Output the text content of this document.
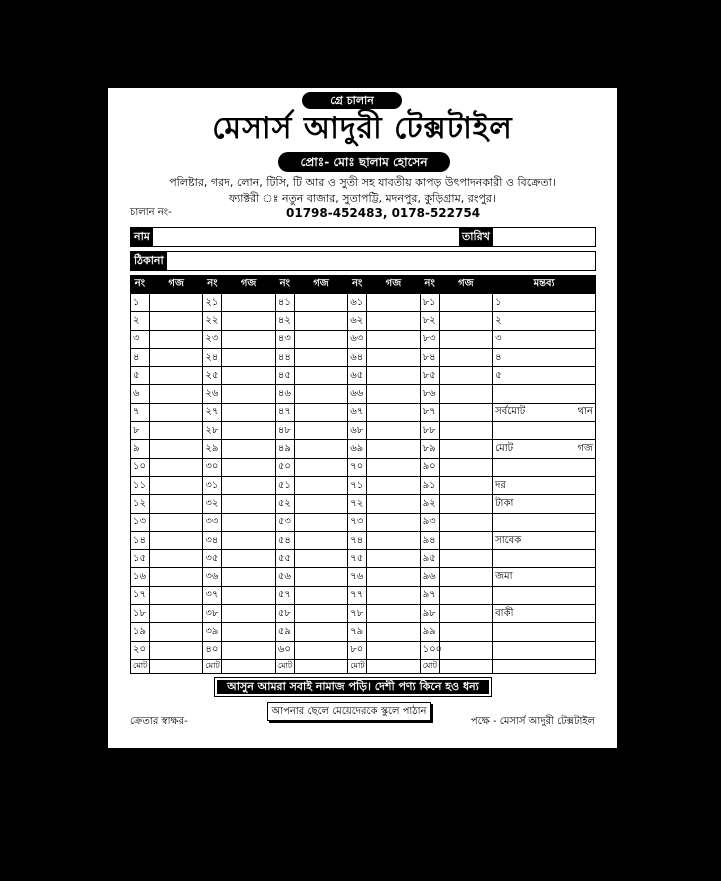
গ্রে চালান
মেসার্স আদুরী টেক্সটাইল
প্রোঃ- মোঃ ছালাম হোসেন
পলিষ্টার, গরদ, লোন, টিসি, টি আর ও সুতী সহ যাবতীয় কাপড় উৎপাদনকারী ও বিক্রেতা।
ফ্যাক্টরী ঃ নতুন বাজার, সুতাপট্টি, মদনপুর, কুড়িগ্রাম, রংপুর।
চালান নং-	01798-452483, 0178-522754
নাম	তারিখ
ঠিকানা
নং	গজ	নং	গজ	নং	গজ	নং	গজ	নং	গজ	মন্তব্য
১		২১		৪১		৬১		৮১		১

২		২২		৪২		৬২		৮২		২

৩		২৩		৪৩		৬৩		৮৩		৩

৪		২৪		৪৪		৬৪		৮৪		৪

৫		২৫		৪৫		৬৫		৮৫		৫

৬		২৬		৪৬		৬৬		৮৬		

৭		২৭		৪৭		৬৭		৮৭		সর্বমোট থান

৮		২৮		৪৮		৬৮		৮৮		

৯		২৯		৪৯		৬৯		৮৯		মোট গজ

১০		৩০		৫০		৭০		৯০		

১১		৩১		৫১		৭১		৯১		দর

১২		৩২		৫২		৭২		৯২		টাকা

১৩		৩৩		৫৩		৭৩		৯৩		

১৪		৩৪		৫৪		৭৪		৯৪		সাবেক

১৫		৩৫		৫৫		৭৫		৯৫		

১৬		৩৬		৫৬		৭৬		৯৬		জমা

১৭		৩৭		৫৭		৭৭		৯৭		

১৮		৩৮		৫৮		৭৮		৯৮		বাকী

১৯		৩৯		৫৯		৭৯		৯৯		

২০		৪০		৬০		৮০		১০০		

মোট		মোট		মোট		মোট		মোট		
আসুন আমরা সবাই নামাজ পড়ি। দেশী পণ্য কিনে হও ধন্য
আপনার ছেলে মেয়েদেরকে স্কুলে পাঠান
ক্রেতার স্বাক্ষর-	পক্ষে - মেসার্স আদুরী টেক্সটাইল
